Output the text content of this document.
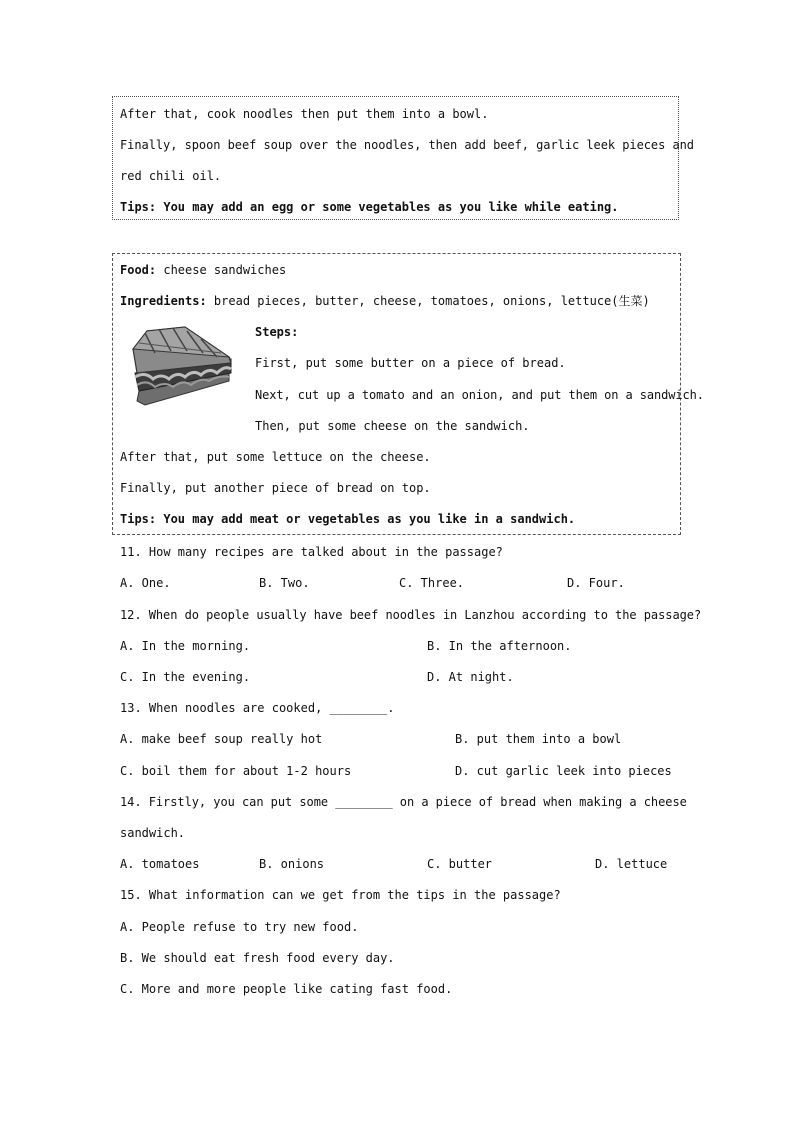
After that, cook noodles then put them into a bowl.
Finally, spoon beef soup over the noodles, then add beef, garlic leek pieces and
red chili oil.
Tips: You may add an egg or some vegetables as you like while eating.
Food: cheese sandwiches
Ingredients: bread pieces, butter, cheese, tomatoes, onions, lettuce(生菜)
Steps:
First, put some butter on a piece of bread.
Next, cut up a tomato and an onion, and put them on a sandwich.
Then, put some cheese on the sandwich.
After that, put some lettuce on the cheese.
Finally, put another piece of bread on top.
Tips: You may add meat or vegetables as you like in a sandwich.
11. How many recipes are talked about in the passage?
A. One.	B. Two.	C. Three.	D. Four.
12. When do people usually have beef noodles in Lanzhou according to the passage?
A. In the morning.	B. In the afternoon.
C. In the evening.	D. At night.
13. When noodles are cooked, ________.
A. make beef soup really hot	B. put them into a bowl
C. boil them for about 1-2 hours	D. cut garlic leek into pieces
14. Firstly, you can put some ________ on a piece of bread when making a cheese
sandwich.
A. tomatoes	B. onions	C. butter	D. lettuce
15. What information can we get from the tips in the passage?
A. People refuse to try new food.
B. We should eat fresh food every day.
C. More and more people like cating fast food.
